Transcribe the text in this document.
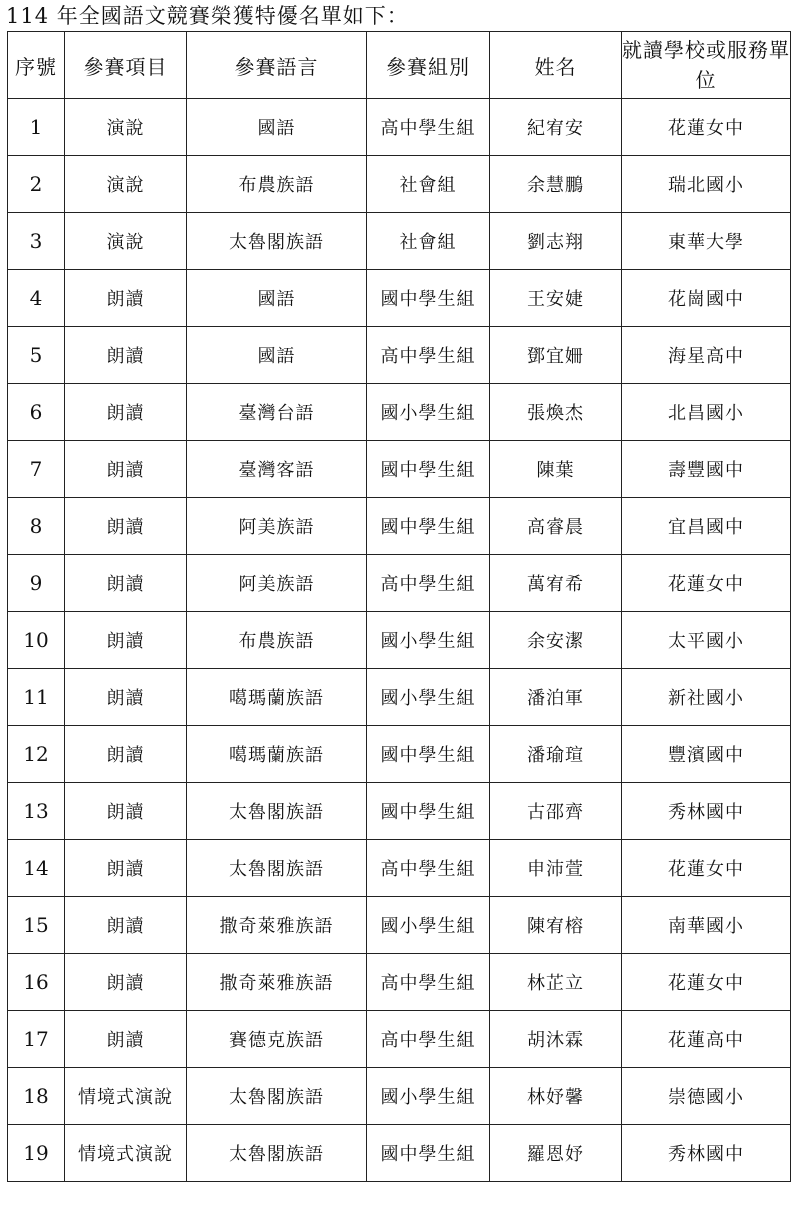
114 年全國語文競賽榮獲特優名單如下：
序號	參賽項目	參賽語言	參賽組別	姓名	就讀學校或服務單位
1	演說	國語	高中學生組	紀宥安	花蓮女中
2	演說	布農族語	社會組	余慧鵬	瑞北國小
3	演說	太魯閣族語	社會組	劉志翔	東華大學
4	朗讀	國語	國中學生組	王安婕	花崗國中
5	朗讀	國語	高中學生組	鄧宜姍	海星高中
6	朗讀	臺灣台語	國小學生組	張煥杰	北昌國小
7	朗讀	臺灣客語	國中學生組	陳葉	壽豐國中
8	朗讀	阿美族語	國中學生組	高睿晨	宜昌國中
9	朗讀	阿美族語	高中學生組	萬宥希	花蓮女中
10	朗讀	布農族語	國小學生組	余安潔	太平國小
11	朗讀	噶瑪蘭族語	國小學生組	潘泊軍	新社國小
12	朗讀	噶瑪蘭族語	國中學生組	潘瑜瑄	豐濱國中
13	朗讀	太魯閣族語	國中學生組	古邵齊	秀林國中
14	朗讀	太魯閣族語	高中學生組	申沛萱	花蓮女中
15	朗讀	撒奇萊雅族語	國小學生組	陳宥榕	南華國小
16	朗讀	撒奇萊雅族語	高中學生組	林芷立	花蓮女中
17	朗讀	賽德克族語	高中學生組	胡沐霖	花蓮高中
18	情境式演說	太魯閣族語	國小學生組	林妤馨	崇德國小
19	情境式演說	太魯閣族語	國中學生組	羅恩妤	秀林國中
